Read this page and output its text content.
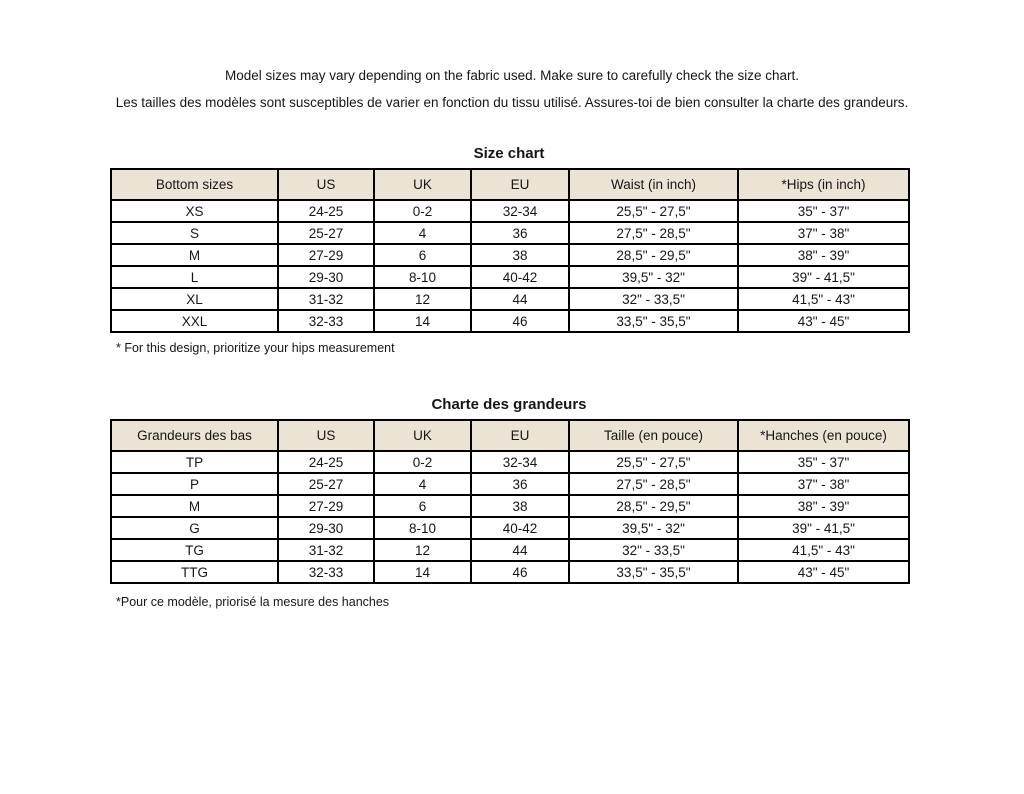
Model sizes may vary depending on the fabric used. Make sure to carefully check the size chart.

Les tailles des modèles sont susceptibles de varier en fonction du tissu utilisé. Assures-toi de bien consulter la charte des grandeurs.

Size chart
Bottom sizes	US	UK	EU	Waist (in inch)	*Hips (in inch)
XS	24-25	0-2	32-34	25,5" - 27,5"	35" - 37"
S	25-27	4	36	27,5" - 28,5"	37" - 38"
M	27-29	6	38	28,5" - 29,5"	38" - 39"
L	29-30	8-10	40-42	39,5" - 32"	39" - 41,5"
XL	31-32	12	44	32" - 33,5"	41,5" - 43"
XXL	32-33	14	46	33,5" - 35,5"	43" - 45"

* For this design, prioritize your hips measurement

Charte des grandeurs
Grandeurs des bas	US	UK	EU	Taille (en pouce)	*Hanches (en pouce)
TP	24-25	0-2	32-34	25,5" - 27,5"	35" - 37"
P	25-27	4	36	27,5" - 28,5"	37" - 38"
M	27-29	6	38	28,5" - 29,5"	38" - 39"
G	29-30	8-10	40-42	39,5" - 32"	39" - 41,5"
TG	31-32	12	44	32" - 33,5"	41,5" - 43"
TTG	32-33	14	46	33,5" - 35,5"	43" - 45"

*Pour ce modèle, priorisé la mesure des hanches
